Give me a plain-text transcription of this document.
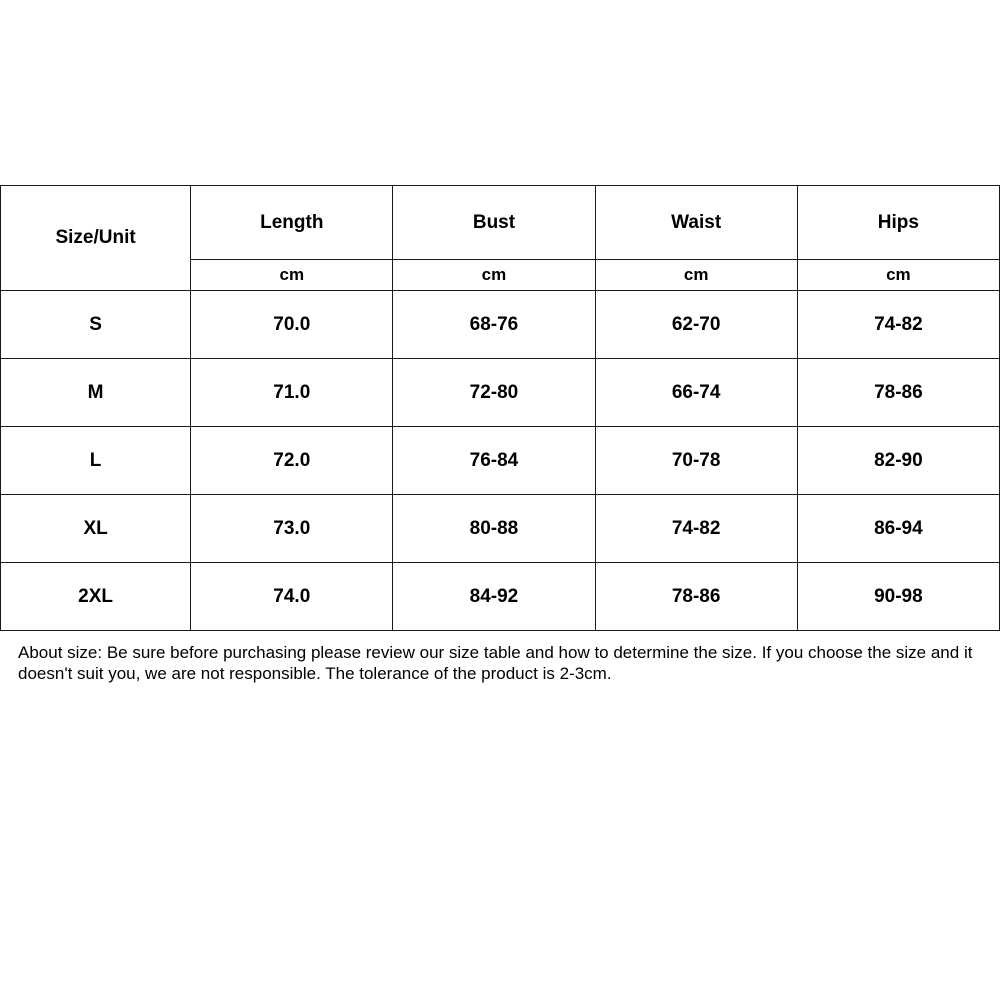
Size/Unit	Length	Bust	Waist	Hips
	cm	cm	cm	cm
S	70.0	68-76	62-70	74-82
M	71.0	72-80	66-74	78-86
L	72.0	76-84	70-78	82-90
XL	73.0	80-88	74-82	86-94
2XL	74.0	84-92	78-86	90-98

About size: Be sure before purchasing please review our size table and how to determine the size. If you choose the size and it doesn't suit you, we are not responsible. The tolerance of the product is 2-3cm.
